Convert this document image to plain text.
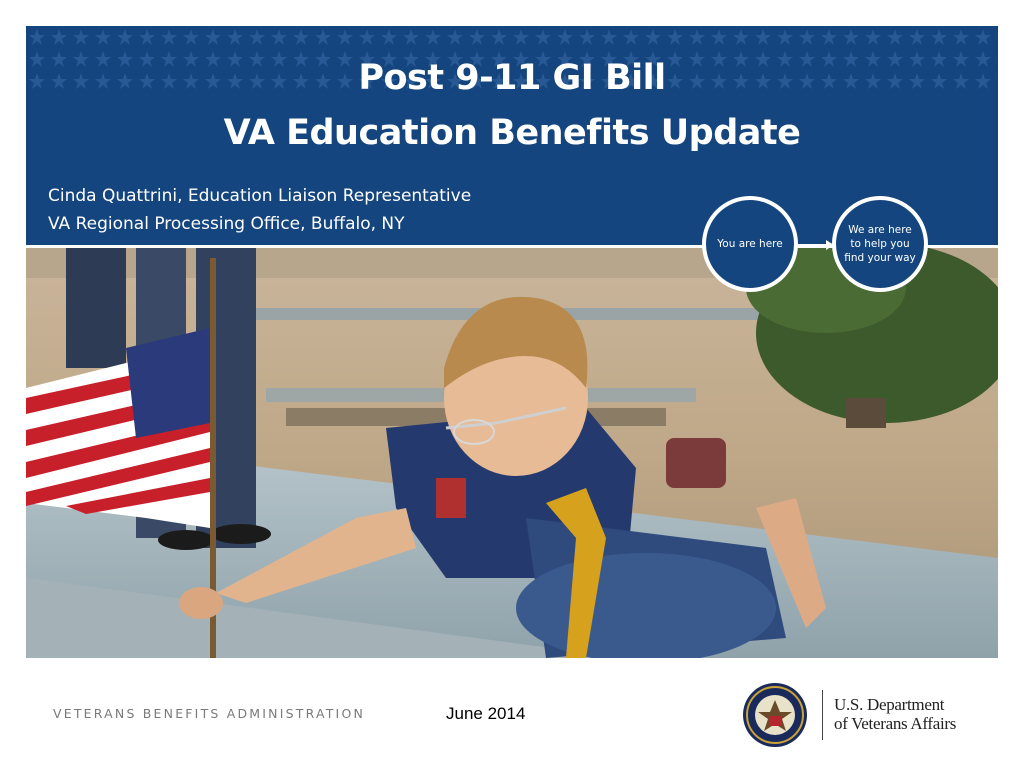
Post 9-11 GI Bill
VA Education Benefits Update
Cinda Quattrini, Education Liaison Representative
VA Regional Processing Office, Buffalo, NY
You are here
We are here to help you find your way
VETERANS BENEFITS ADMINISTRATION	June 2014	U.S. Department
of Veterans Affairs
